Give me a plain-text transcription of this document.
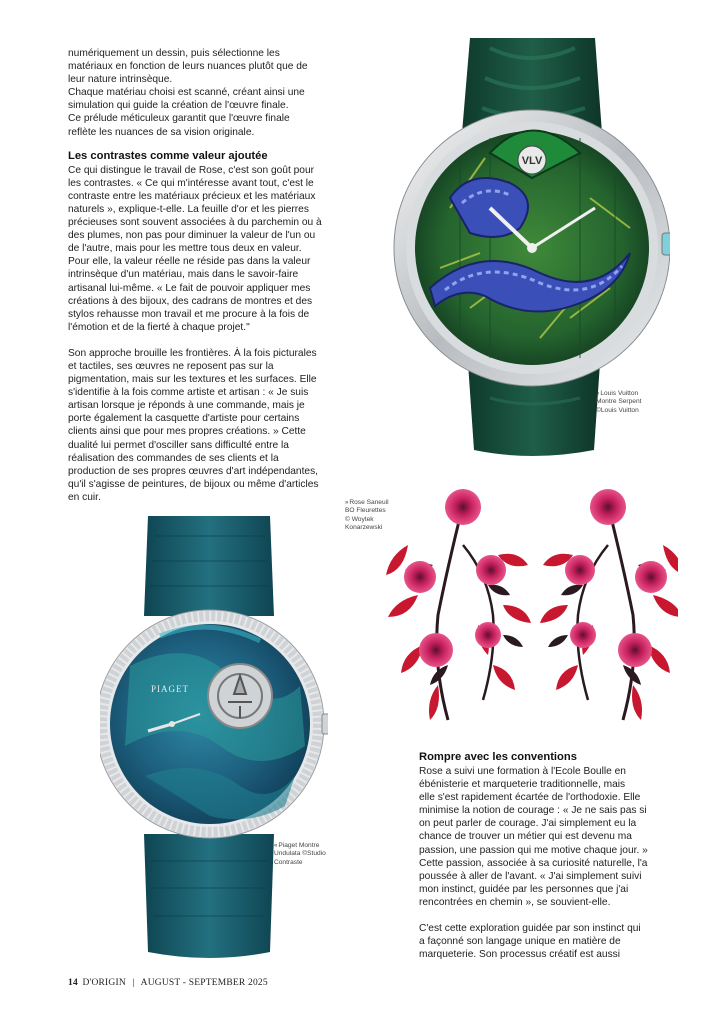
numériquement un dessin, puis sélectionne les
matériaux en fonction de leurs nuances plutôt que de
leur nature intrinsèque.

Chaque matériau choisi est scanné, créant ainsi une
simulation qui guide la création de l'œuvre finale.

Ce prélude méticuleux garantit que l'œuvre finale
reflète les nuances de sa vision originale.

Les contrastes comme valeur ajoutée

Ce qui distingue le travail de Rose, c'est son goût pour
les contrastes. « Ce qui m'intéresse avant tout, c'est le
contraste entre les matériaux précieux et les matériaux
naturels », explique-t-elle. La feuille d'or et les pierres
précieuses sont souvent associées à du parchemin ou à
des plumes, non pas pour diminuer la valeur de l'un ou
de l'autre, mais pour les mettre tous deux en valeur.
Pour elle, la valeur réelle ne réside pas dans la valeur
intrinsèque d'un matériau, mais dans le savoir-faire
artisanal lui-même. « Le fait de pouvoir appliquer mes
créations à des bijoux, des cadrans de montres et des
stylos rehausse mon travail et me procure à la fois de
l'émotion et de la fierté à chaque projet."

Son approche brouille les frontières. À la fois picturales
et tactiles, ses œuvres ne reposent pas sur la
pigmentation, mais sur les textures et les surfaces. Elle
s'identifie à la fois comme artiste et artisan : « Je suis
artisan lorsque je réponds à une commande, mais je
porte également la casquette d'artiste pour certains
clients ainsi que pour mes propres créations. » Cette
dualité lui permet d'osciller sans difficulté entre la
réalisation des commandes de ses clients et la
production de ses propres œuvres d'art indépendantes,
qu'il s'agisse de peintures, de bijoux ou même d'articles
en cuir.

Rompre avec les conventions

Rose a suivi une formation à l'Ecole Boulle en
ébénisterie et marqueterie traditionnelle, mais
elle s'est rapidement écartée de l'orthodoxie. Elle
minimise la notion de courage : « Je ne sais pas si
on peut parler de courage. J'ai simplement eu la
chance de trouver un métier qui est devenu ma
passion, une passion qui me motive chaque jour. »
Cette passion, associée à sa curiosité naturelle, l'a
poussée à aller de l'avant. « J'ai simplement suivi
mon instinct, guidée par les personnes que j'ai
rencontrées en chemin », se souvient-elle.

C'est cette exploration guidée par son instinct qui
a façonné son langage unique en matière de
marqueterie. Son processus créatif est aussi

VLV
«Louis Vuitton
Montre Serpent
©Louis Vuitton
»Rose Saneuil
BO Fleurettes
© Woytek
Konarzewski
PIAGET
«Piaget Montre
Undulata ©Studio
Contraste
14 D'ORIGIN | AUGUST - SEPTEMBER 2025
